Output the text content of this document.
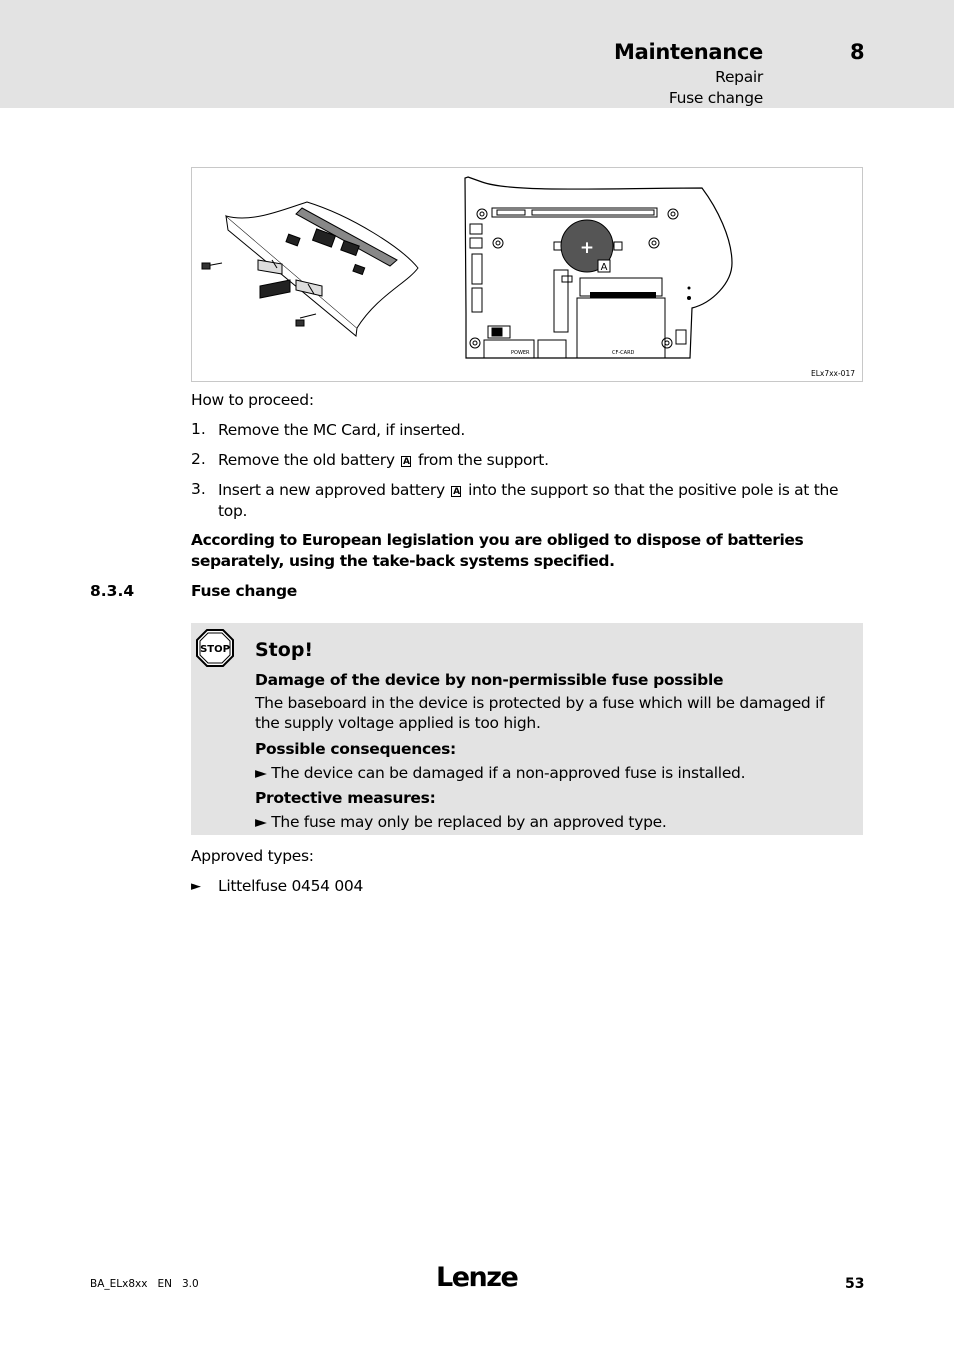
Maintenance	8
Repair
Fuse change
+
A
POWER	CF-CARD
ELx7xx-017
How to proceed:
1. Remove the MC Card, if inserted.
2. Remove the old battery A from the support.
3. Insert a new approved battery A into the support so that the positive pole is at the top.
According to European legislation you are obliged to dispose of batteries separately, using the take-back systems specified.
8.3.4	Fuse change
STOP Stop!
Damage of the device by non-permissible fuse possible
The baseboard in the device is protected by a fuse which will be damaged if the supply voltage applied is too high.
Possible consequences:
► The device can be damaged if a non-approved fuse is installed.
Protective measures:
► The fuse may only be replaced by an approved type.
Approved types:
► Littelfuse 0454 004
BA_ELx8xx   EN   3.0	Lenze	53
